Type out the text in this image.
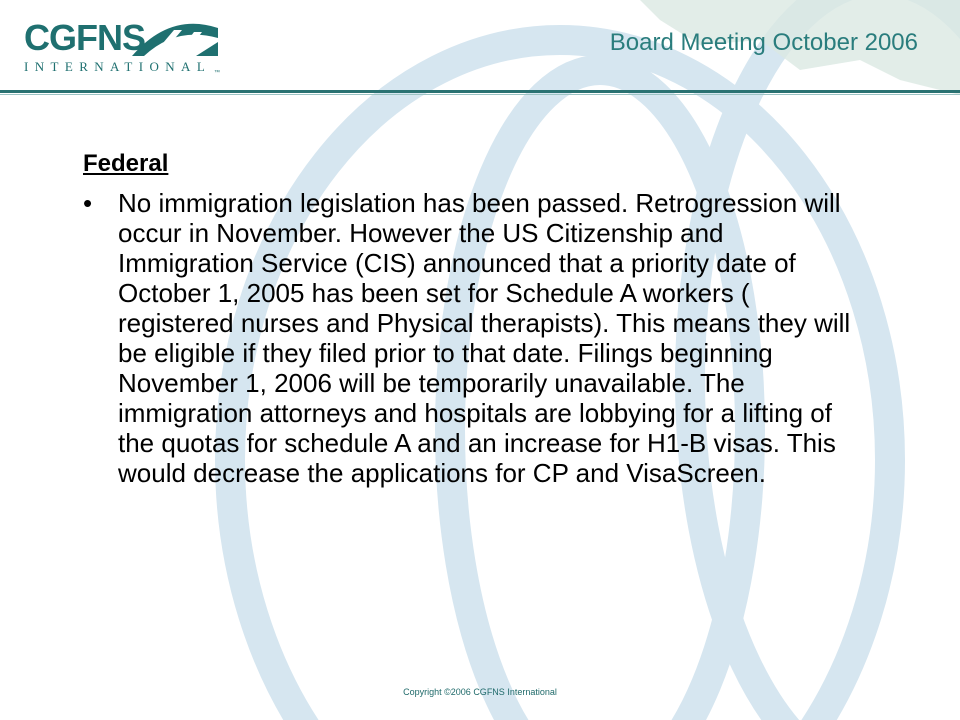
CGFNS
INTERNATIONAL ™
Board Meeting October 2006
Federal
• No immigration legislation has been passed. Retrogression will occur in November. However the US Citizenship and Immigration Service (CIS) announced that a priority date of October 1, 2005 has been set for Schedule A workers ( registered nurses and Physical therapists). This means they will be eligible if they filed prior to that date. Filings beginning November 1, 2006 will be temporarily unavailable. The immigration attorneys and hospitals are lobbying for a lifting of the quotas for schedule A and an increase for H1-B visas. This would decrease the applications for CP and VisaScreen.
Copyright ©2006 CGFNS International
